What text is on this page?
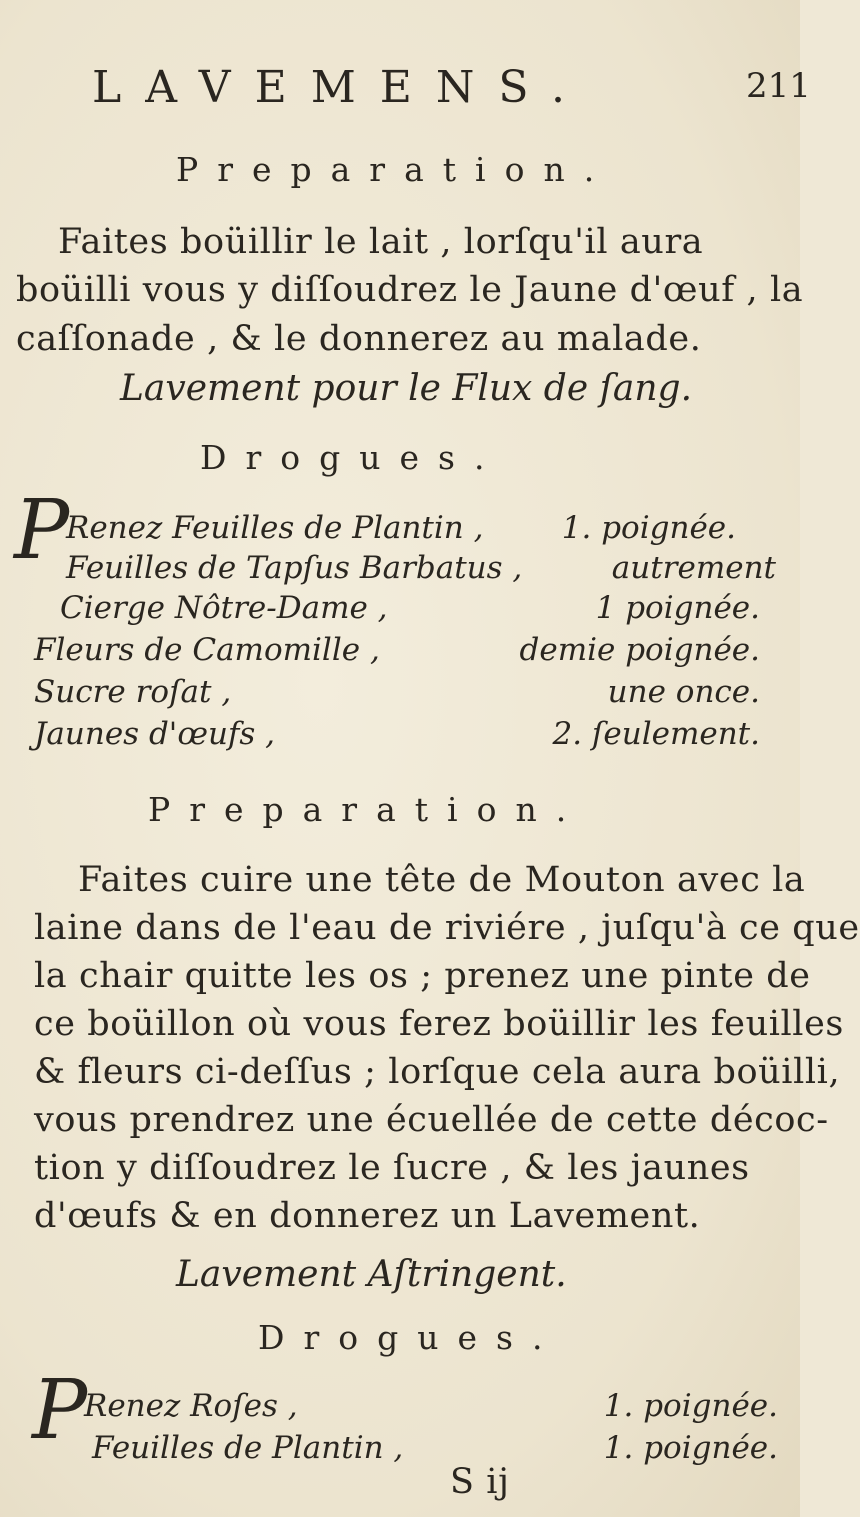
LAVEMENS.	211
Preparation.
Faites boüillir le lait , lorſqu'il aura
boüilli vous y diſſoudrez le Jaune d'œuf , la
caſſonade , & le donnerez au malade.
Lavement pour le Flux de ſang.
Drogues.
P
Renez Feuilles de Plantin ,	1. poignée.
Feuilles de Tapſus Barbatus ,	autrement
Cierge Nôtre-Dame ,	1 poignée.
Fleurs de Camomille ,	demie poignée.
Sucre roſat ,	une once.
Jaunes d'œufs ,	2. ſeulement.
Preparation.
Faites cuire une tête de Mouton avec la
laine dans de l'eau de riviére , juſqu'à ce que
la chair quitte les os ; prenez une pinte de
ce boüillon où vous ferez boüillir les feuilles
& fleurs ci-deſſus ; lorſque cela aura boüilli,
vous prendrez une écuellée de cette décoc-
tion y diſſoudrez le ſucre , & les jaunes
d'œufs & en donnerez un Lavement.
Lavement Aſtringent.
Drogues.
P
Renez Roſes ,	1. poignée.
Feuilles de Plantin ,	1. poignée.
S ij
